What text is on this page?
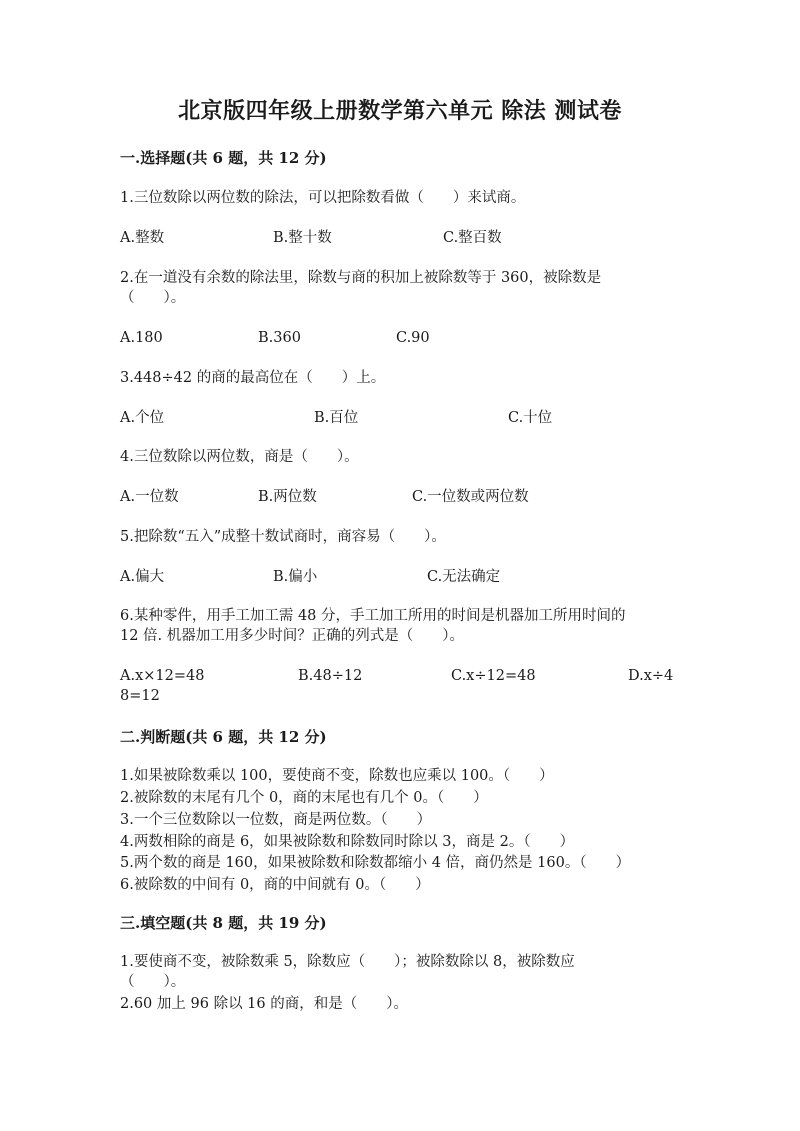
北京版四年级上册数学第六单元 除法 测试卷
一.选择题(共 6 题，共 12 分)
1.三位数除以两位数的除法，可以把除数看做（　　）来试商。
A.整数	B.整十数	C.整百数
2.在一道没有余数的除法里，除数与商的积加上被除数等于 360，被除数是
（　　）。
A.180	B.360	C.90
3.448÷42 的商的最高位在（　　）上。
A.个位	B.百位	C.十位
4.三位数除以两位数，商是（　　）。
A.一位数	B.两位数	C.一位数或两位数
5.把除数“五入”成整十数试商时，商容易（　　）。
A.偏大	B.偏小	C.无法确定
6.某种零件，用手工加工需 48 分，手工加工所用的时间是机器加工所用时间的
12 倍. 机器加工用多少时间？正确的列式是（　　）。
A.x×12=48	B.48÷12	C.x÷12=48	D.x÷4
8=12
二.判断题(共 6 题，共 12 分)
1.如果被除数乘以 100，要使商不变，除数也应乘以 100。（　　）
2.被除数的末尾有几个 0，商的末尾也有几个 0。（　　）
3.一个三位数除以一位数，商是两位数。（　　）
4.两数相除的商是 6，如果被除数和除数同时除以 3，商是 2。（　　）
5.两个数的商是 160，如果被除数和除数都缩小 4 倍，商仍然是 160。（　　）
6.被除数的中间有 0，商的中间就有 0。（　　）
三.填空题(共 8 题，共 19 分)
1.要使商不变，被除数乘 5，除数应（　　）；被除数除以 8，被除数应
（　　）。
2.60 加上 96 除以 16 的商，和是（　　）。
